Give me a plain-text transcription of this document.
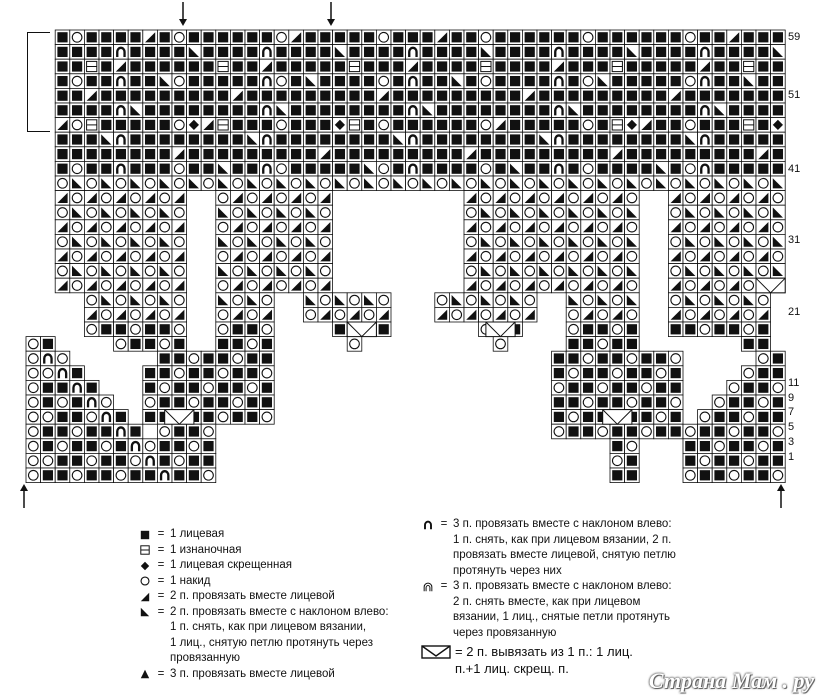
59
51
41
31
21
11
9
7
5
3
1
= 1 лицевая
= 1 изнаночная
= 1 лицевая скрещенная
= 1 накид
= 2 п. провязать вместе лицевой
= 2 п. провязать вместе с наклоном влево:
1 п. снять, как при лицевом вязании,
1 лиц., снятую петлю протянуть через
провязанную
= 3 п. провязать вместе лицевой
= 3 п. провязать вместе с наклоном влево:
1 п. снять, как при лицевом вязании, 2 п.
провязать вместе лицевой, снятую петлю протянуть через них
= 3 п. провязать вместе с наклоном влево:
2 п. снять вместе, как при лицевом вязании, 1 лиц., снятые петли протянуть
через провязанную
= 2 п. вывязать из 1 п.: 1 лиц.
п.+1 лиц. скрещ. п.	Страна Мам . ру
